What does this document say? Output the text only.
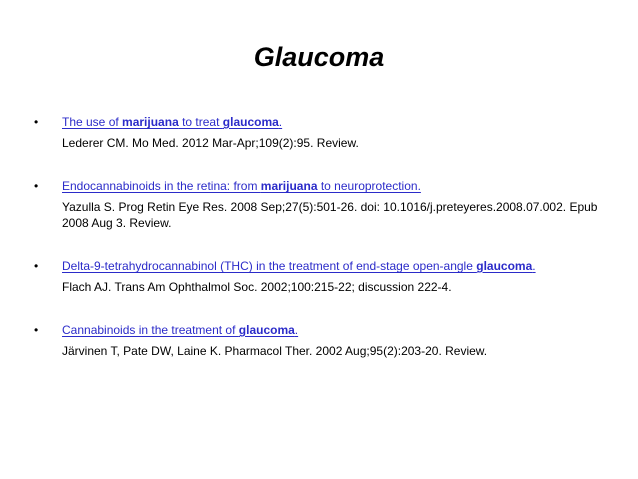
Glaucoma
• The use of marijuana to treat glaucoma.
Lederer CM. Mo Med. 2012 Mar-Apr;109(2):95. Review.
• Endocannabinoids in the retina: from marijuana to neuroprotection.
Yazulla S. Prog Retin Eye Res. 2008 Sep;27(5):501-26. doi: 10.1016/j.preteyeres.2008.07.002. Epub 2008 Aug 3. Review.
• Delta-9-tetrahydrocannabinol (THC) in the treatment of end-stage open-angle glaucoma.
Flach AJ. Trans Am Ophthalmol Soc. 2002;100:215-22; discussion 222-4.
• Cannabinoids in the treatment of glaucoma.
Järvinen T, Pate DW, Laine K. Pharmacol Ther. 2002 Aug;95(2):203-20. Review.
